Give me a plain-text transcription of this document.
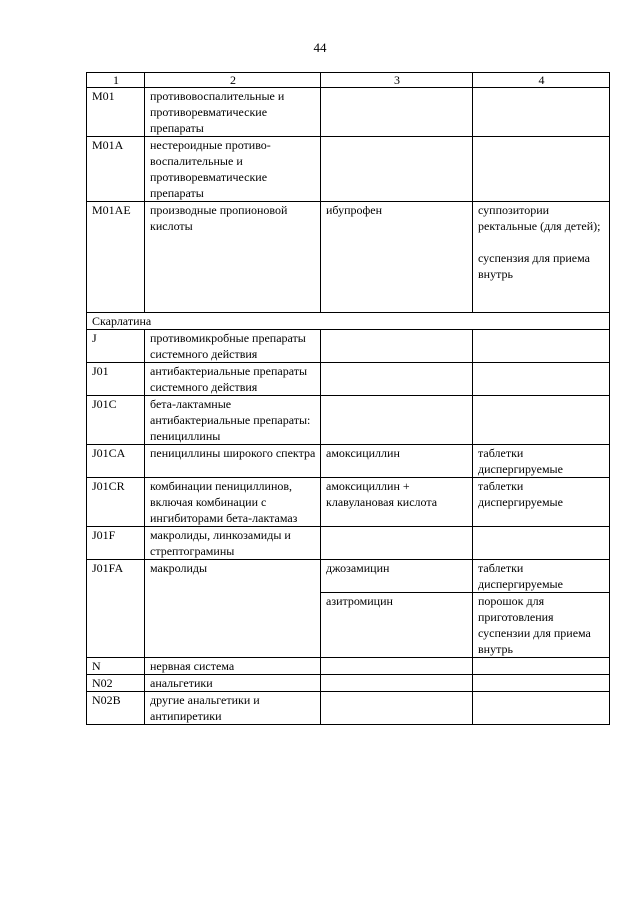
44
1	2	3	4
M01	противовоспалительные и противоревматические препараты		
M01A	нестероидные противо-воспалительные и противоревматические препараты		
M01AE	производные пропионовой кислоты	ибупрофен	суппозитории ректальные (для детей);

суспензия для приема внутрь
Скарлатина			
J	противомикробные препараты системного действия		
J01	антибактериальные препараты системного действия		
J01C	бета-лактамные антибактериальные препараты: пенициллины		
J01CA	пенициллины широкого спектра	амоксициллин	таблетки диспергируемые
J01CR	комбинации пенициллинов, включая комбинации с ингибиторами бета-лактамаз	амоксициллин + клавулановая кислота	таблетки диспергируемые
J01F	макролиды, линкозамиды и стрептограмины		
J01FA	макролиды	джозамицин	таблетки диспергируемые
		азитромицин	порошок для приготовления суспензии для приема внутрь
N	нервная система		
N02	анальгетики		
N02B	другие анальгетики и антипиретики		
